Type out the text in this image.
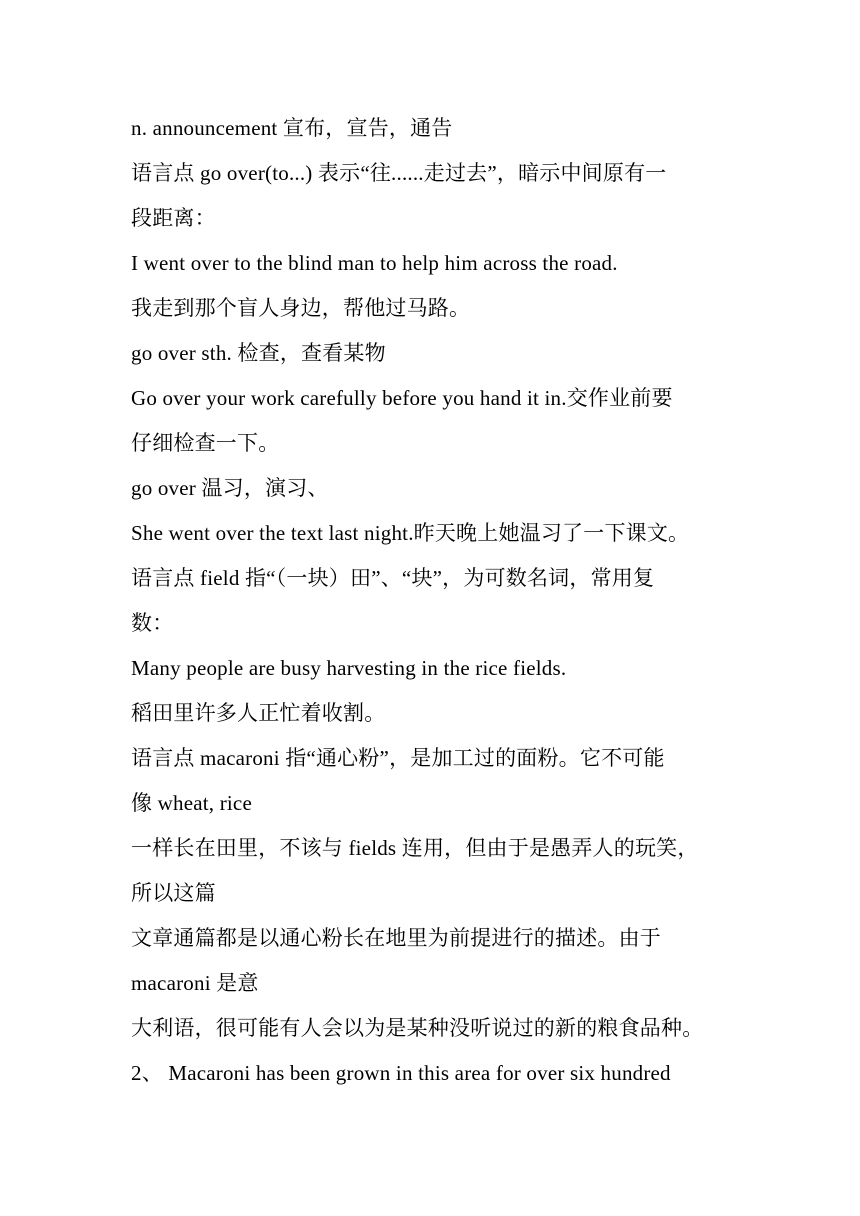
n. announcement 宣布，宣告，通告
语言点 go over(to...) 表示“往......走过去”，暗示中间原有一
段距离：
I went over to the blind man to help him across the road.
我走到那个盲人身边，帮他过马路。
go over sth. 检查，查看某物
Go over your work carefully before you hand it in.交作业前要
仔细检查一下。
go over 温习，演习、
She went over the text last night.昨天晚上她温习了一下课文。
语言点 field 指“（一块）田”、“块”，为可数名词，常用复
数：
Many people are busy harvesting in the rice fields.
稻田里许多人正忙着收割。
语言点 macaroni 指“通心粉”，是加工过的面粉。它不可能
像 wheat, rice
一样长在田里，不该与 fields 连用，但由于是愚弄人的玩笑，
所以这篇
文章通篇都是以通心粉长在地里为前提进行的描述。由于
macaroni 是意
大利语，很可能有人会以为是某种没听说过的新的粮食品种。
2、 Macaroni has been grown in this area for over six hundred
